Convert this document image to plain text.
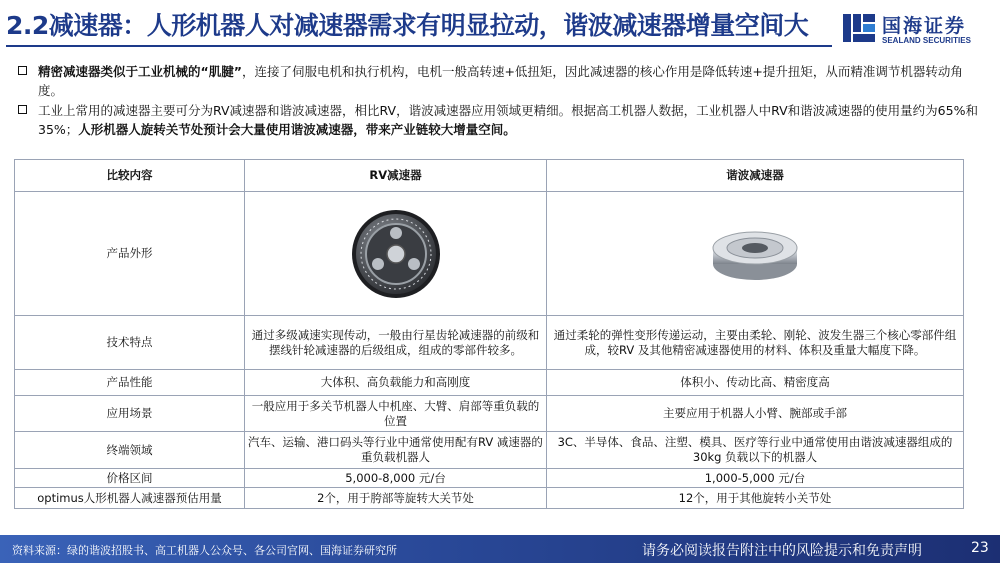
2.2减速器：人形机器人对减速器需求有明显拉动，谐波减速器增量空间大	国海证券
SEALAND SECURITIES
精密减速器类似于工业机械的“肌腱”，连接了伺服电机和执行机构，电机一般高转速+低扭矩，因此减速器的核心作用是降低转速+提升扭矩，从而精准调节机器转动角度。
工业上常用的减速器主要可分为RV减速器和谐波减速器，相比RV，谐波减速器应用领域更精细。根据高工机器人数据，工业机器人中RV和谐波减速器的使用量约为65%和35%；人形机器人旋转关节处预计会大量使用谐波减速器，带来产业链较大增量空间。
比较内容	RV减速器	谐波减速器
产品外形	

技术特点	通过多级减速实现传动，一般由行星齿轮减速器的前级和摆线针轮减速器的后级组成，组成的零部件较多。	通过柔轮的弹性变形传递运动，主要由柔轮、刚轮、波发生器三个核心零部件组成，较RV 及其他精密减速器使用的材料、体积及重量大幅度下降。
产品性能	大体积、高负载能力和高刚度	体积小、传动比高、精密度高
应用场景	一般应用于多关节机器人中机座、大臂、肩部等重负载的位置	主要应用于机器人小臂、腕部或手部
终端领域	汽车、运输、港口码头等行业中通常使用配有RV 减速器的重负载机器人	3C、半导体、食品、注塑、模具、医疗等行业中通常使用由谐波减速器组成的30kg 负载以下的机器人
价格区间	5,000-8,000 元/台	1,000-5,000 元/台
optimus人形机器人减速器预估用量	2个，用于胯部等旋转大关节处	12个，用于其他旋转小关节处
资料来源：绿的谐波招股书、高工机器人公众号、各公司官网、国海证券研究所	请务必阅读报告附注中的风险提示和免责声明	23
